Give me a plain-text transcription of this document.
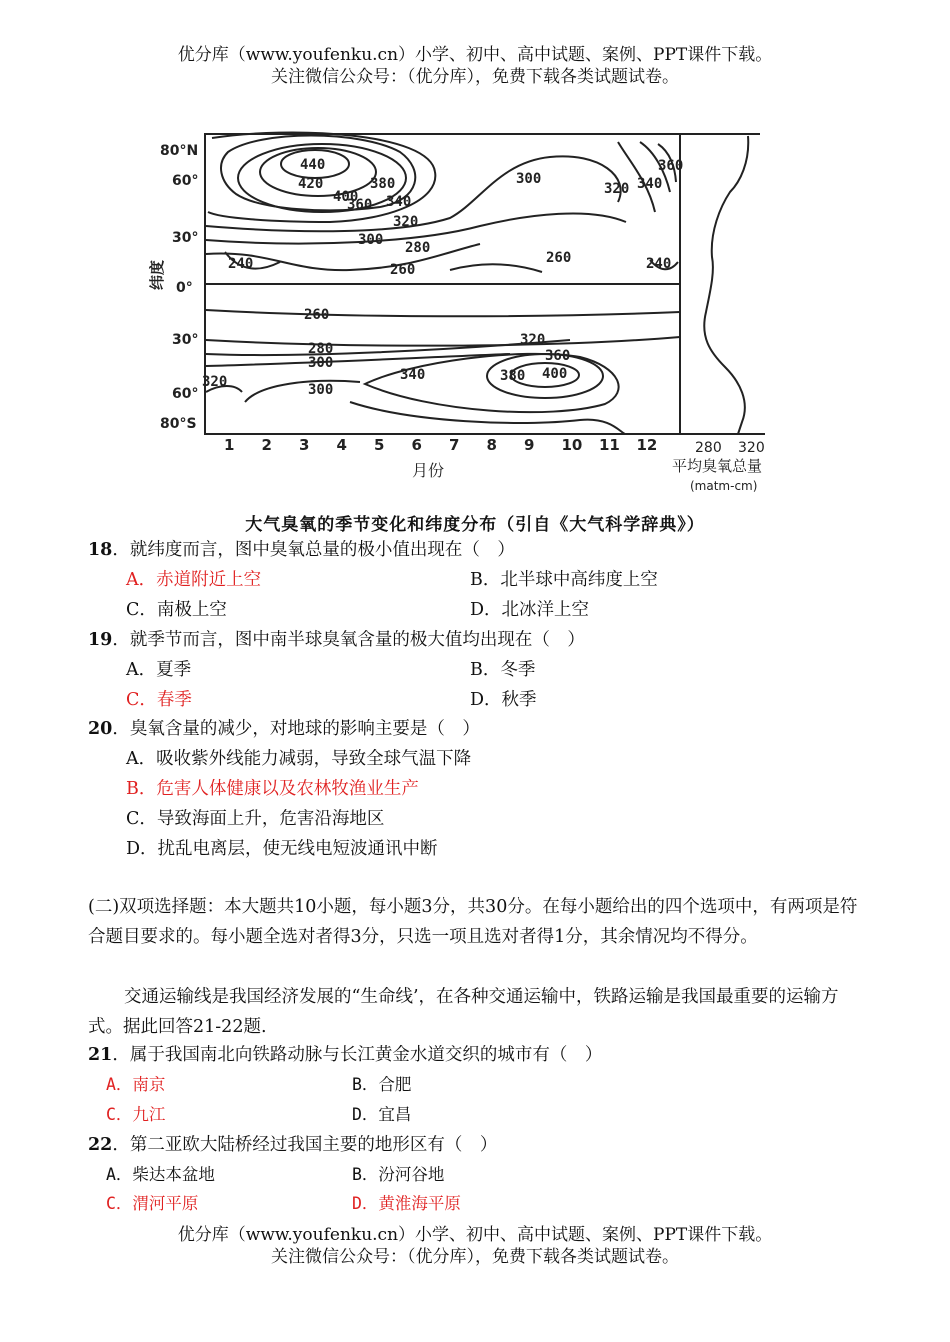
优分库（www.youfenku.cn）小学、初中、高中试题、案例、PPT课件下载。
关注微信公众号：（优分库），免费下载各类试题试卷。
80°N
60°
30°
0°
30°
60°
80°S
纬度
1 2 3 4 5 6 7 8 9 10 11 12
月份
280 320
平均臭氧总量
(matm-cm)
440
420
400
380
360 340
320
300
300 280
240	260
260	240
260
280
300
320	300
340	380 400
360
320
360
340
320
大气臭氧的季节变化和纬度分布（引自《大气科学辞典》）
18．就纬度而言，图中臭氧总量的极小值出现在（　）
A．赤道附近上空	B．北半球中高纬度上空
C．南极上空	D．北冰洋上空
19．就季节而言，图中南半球臭氧含量的极大值均出现在（　）
A．夏季	B．冬季
C．春季	D．秋季
20．臭氧含量的减少，对地球的影响主要是（　）
A．吸收紫外线能力减弱，导致全球气温下降
B．危害人体健康以及农林牧渔业生产
C．导致海面上升，危害沿海地区
D．扰乱电离层，使无线电短波通讯中断
(二)双项选择题：本大题共10小题，每小题3分，共30分。在每小题给出的四个选项中，有两项是符合题目要求的。每小题全选对者得3分，只选一项且选对者得1分，其余情况均不得分。
交通运输线是我国经济发展的“生命线’，在各种交通运输中，铁路运输是我国最重要的运输方式。据此回答21-22题.
21．属于我国南北向铁路动脉与长江黄金水道交织的城市有（　）
A．南京	B．合肥
C．九江	D．宜昌
22．第二亚欧大陆桥经过我国主要的地形区有（　）
A．柴达本盆地	B．汾河谷地
C．渭河平原	D．黄淮海平原
优分库（www.youfenku.cn）小学、初中、高中试题、案例、PPT课件下载。
关注微信公众号：（优分库），免费下载各类试题试卷。
